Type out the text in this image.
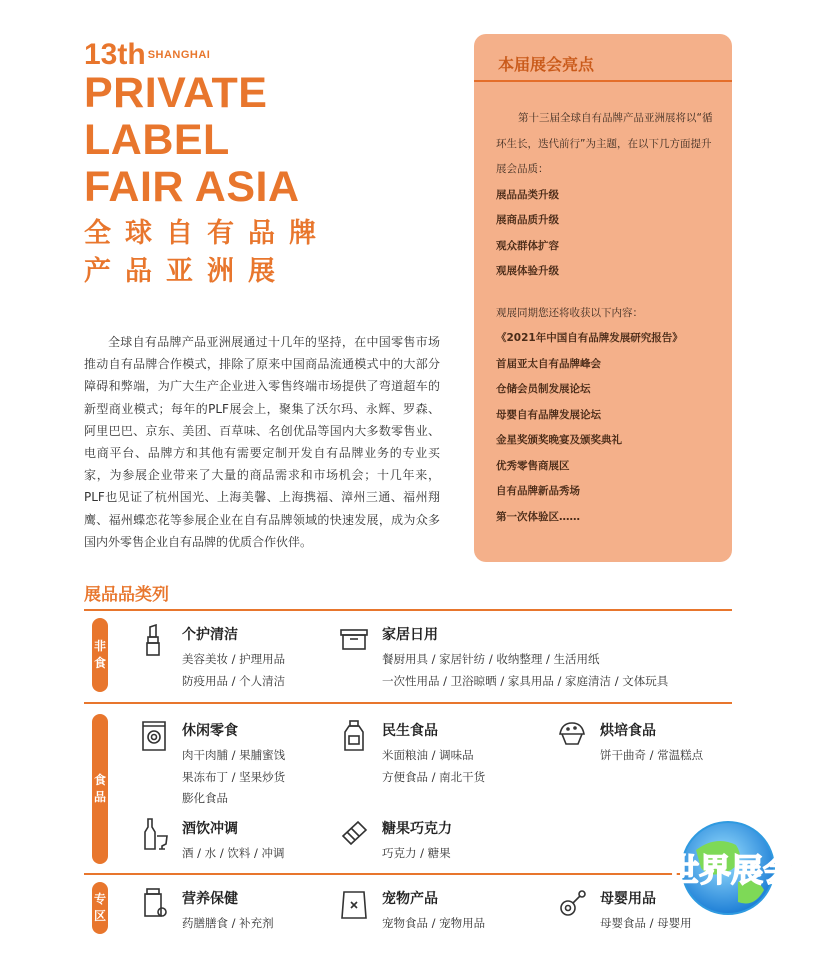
13th $^{SHANGHAI}$
PRIVATE
LABEL
FAIR ASIA
全球自有品牌
产品亚洲展

全球自有品牌产品亚洲展通过十几年的坚持，在中国零售市场推动自有品牌合作模式，排除了原来中国商品流通模式中的大部分障碍和弊端，为广大生产企业进入零售终端市场提供了弯道超车的新型商业模式；每年的PLF展会上，聚集了沃尔玛、永辉、罗森、阿里巴巴、京东、美团、百草味、名创优品等国内大多数零售业、电商平台、品牌方和其他有需要定制开发自有品牌业务的专业买家，为参展企业带来了大量的商品需求和市场机会；十几年来，PLF也见证了杭州国光、上海美馨、上海携福、漳州三通、福州翔鹰、福州蝶恋花等参展企业在自有品牌领域的快速发展，成为众多国内外零售企业自有品牌的优质合作伙伴。

本届展会亮点

第十三届全球自有品牌产品亚洲展将以“循环生长，迭代前行”为主题，在以下几方面提升展会品质：

展品品类升级
展商品质升级
观众群体扩容
观展体验升级
观展同期您还将收获以下内容：
《2021年中国自有品牌发展研究报告》
首届亚太自有品牌峰会
仓储会员制发展论坛
母婴自有品牌发展论坛
金星奖颁奖晚宴及颁奖典礼
优秀零售商展区
自有品牌新品秀场
第一次体验区……
展品品类列
非
食
食
品
专
区
个护清洁
美容美妆 / 护理用品
防疫用品 / 个人清洁
家居日用
餐厨用具 / 家居针纺 / 收纳整理 / 生活用纸
一次性用品 / 卫浴晾晒 / 家具用品 / 家庭清洁 / 文体玩具
休闲零食
肉干肉脯 / 果脯蜜饯
果冻布丁 / 坚果炒货
膨化食品
民生食品
米面粮油 / 调味品
方便食品 / 南北干货
烘培食品
饼干曲奇 / 常温糕点
酒饮冲调
酒 / 水 / 饮料 / 冲调
糖果巧克力
巧克力 / 糖果
营养保健
药膳膳食 / 补充剂
宠物产品
宠物食品 / 宠物用品
母婴用品
母婴食品 / 母婴用
世界展会
